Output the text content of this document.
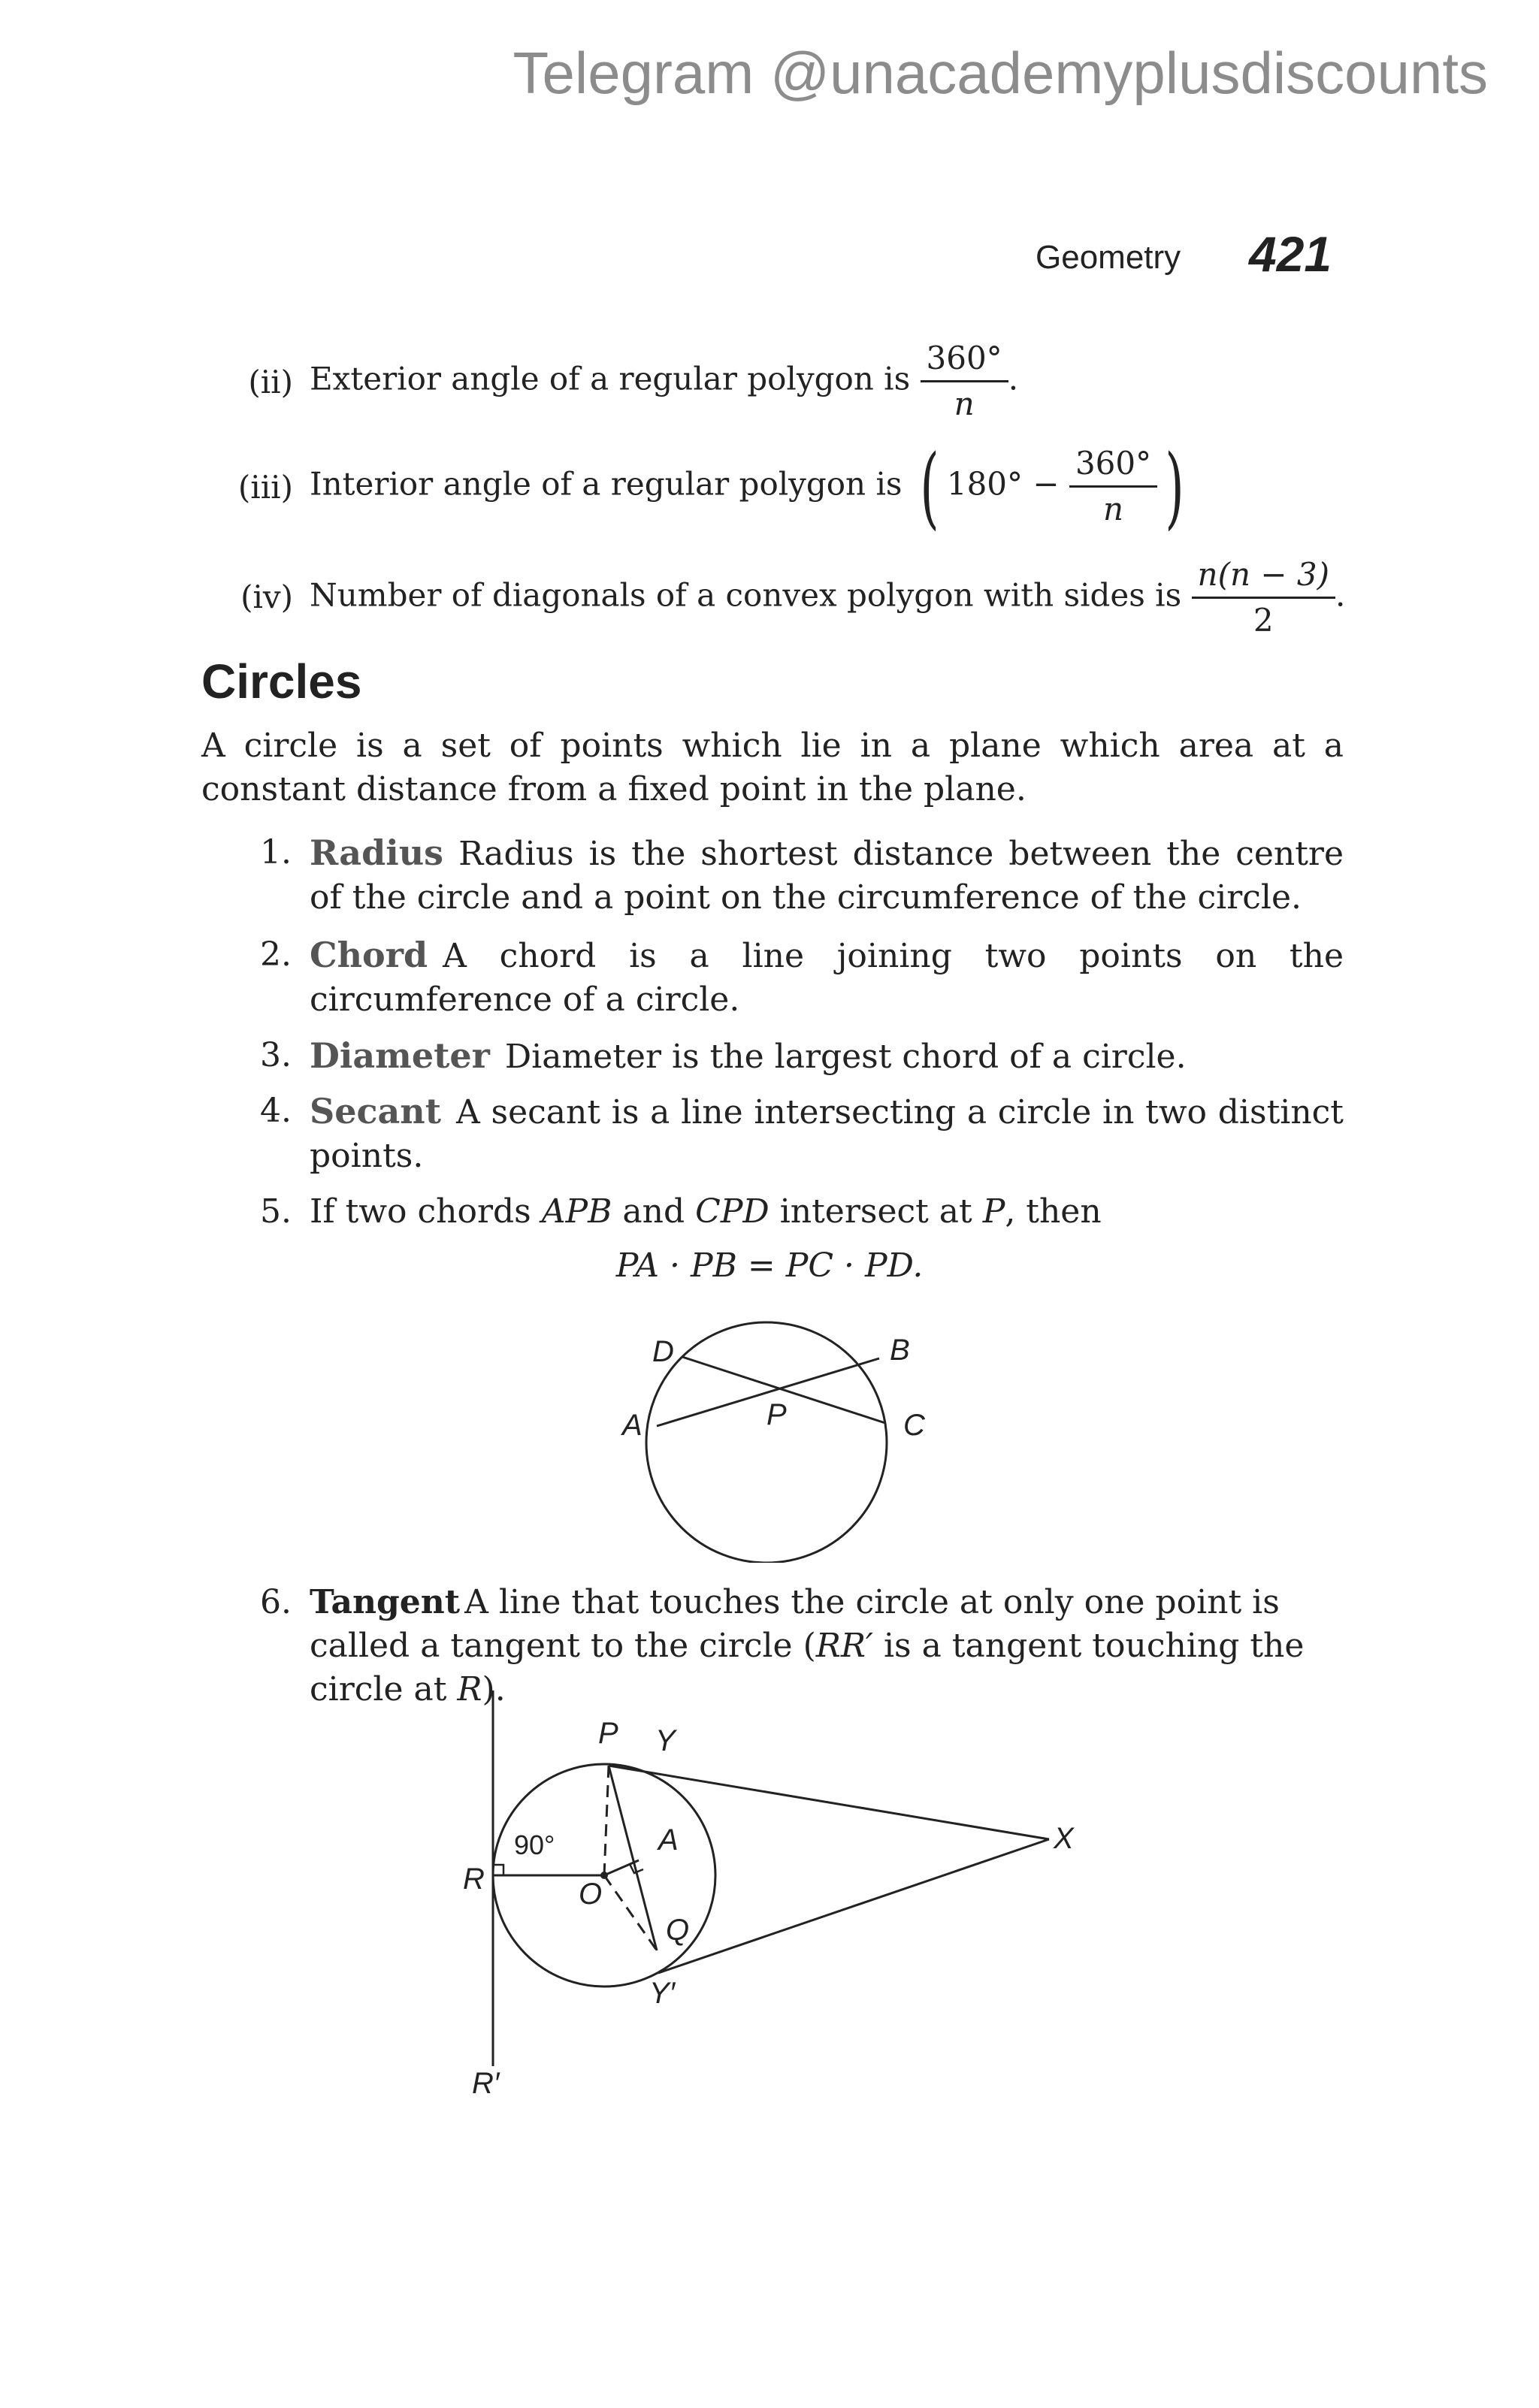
Telegram @unacademyplusdiscounts
Geometry 421
(ii) Exterior angle of a regular polygon is $\frac{360^\circ}{n}$ .
(iii) Interior angle of a regular polygon is ( $180^\circ - \frac{360^\circ}{n}$ )
(iv) Number of diagonals of a convex polygon with sides is $\frac{n(n - 3)}{2}$ .
Circles
A circle is a set of points which lie in a plane which area at a constant distance from a fixed point in the plane.
1. Radius Radius is the shortest distance between the centre of the circle and a point on the circumference of the circle.
2. Chord A chord is a line joining two points on the circumference of a circle.
3. Diameter Diameter is the largest chord of a circle.
4. Secant A secant is a line intersecting a circle in two distinct points.
5. If two chords APB and CPD intersect at P, then
PA · PB = PC · PD.
D	B
A	P	C
6. Tangent A line that touches the circle at only one point is called a tangent to the circle (RR′ is a tangent touching the circle at R).
P Y
A	X
90°
R	O
Q
Y′
R′
